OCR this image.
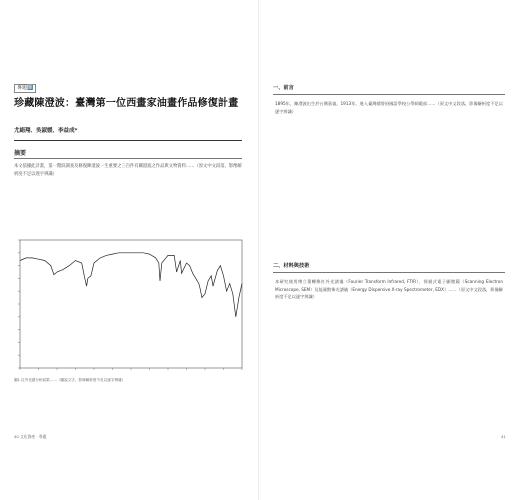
專題1️⃣
珍藏陳澄波：臺灣第一位西畫家油畫作品修復計畫
尤絹翔、吳淑媛、李益成*
摘要
本文依據此計畫，第一階段調查及修復陳澄波一生重要之三百件有關澄波之作品與文物資料……（原文中文段落，影像解析度不足以逐字辨識）
圖1 紅外光譜分析結果……（圖說文字，影像解析度不足以逐字辨識）
40 文化資產 · 專題
一、前言
1895年，陳澄波出生於台灣嘉義，1913年，進入臺灣總督府國語學校公學師範部……（原文中文段落，影像解析度不足以逐字辨識）
二、材料與技術
本研究使用傅立葉轉換紅外光譜儀（Fourier Transform Infrared, FTIR）、掃描式電子顯微鏡（Scanning Electron Microscope, SEM）及能量散佈光譜儀（Energy Dispersive X-ray Spectrometer, EDX）……（原文中文段落，影像解析度不足以逐字辨識）
41
